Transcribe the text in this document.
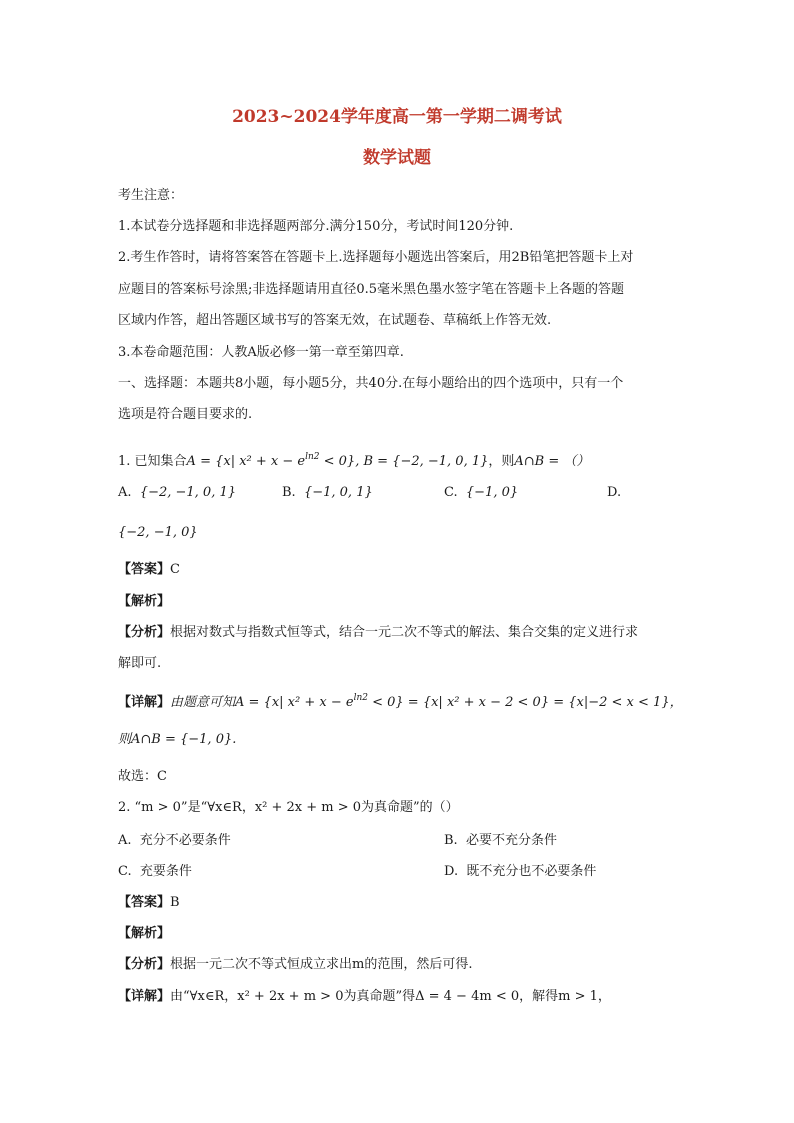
2023~2024学年度高一第一学期二调考试
数学试题
考生注意：
1.本试卷分选择题和非选择题两部分.满分150分，考试时间120分钟.
2.考生作答时，请将答案答在答题卡上.选择题每小题选出答案后，用2B铅笔把答题卡上对
应题目的答案标号涂黑;非选择题请用直径0.5毫米黑色墨水签字笔在答题卡上各题的答题
区域内作答，超出答题区域书写的答案无效，在试题卷、草稿纸上作答无效.
3.本卷命题范围：人教A版必修一第一章至第四章.
一、选择题：本题共8小题，每小题5分，共40分.在每小题给出的四个选项中，只有一个
选项是符合题目要求的.
1. 已知集合A = {x| $x^2 + x - e^{ln2} < 0$}, B = {−2, −1, 0, 1}，则A∩B = （）
A. {−2, −1, 0, 1}	B. {−1, 0, 1}	C. {−1, 0}	D.
{−2, −1, 0}
【答案】C
【解析】
【分析】根据对数式与指数式恒等式，结合一元二次不等式的解法、集合交集的定义进行求
解即可.
【详解】由题意可知A = {x| $x^2 + x - e^{ln2} < 0\} = \{x|$ x² + x − 2 < 0} = {x|−2 < x < 1}，
则A∩B = {−1, 0}.
故选：C
2. “m > 0”是“∀x∈R，x² + 2x + m > 0为真命题”的（）
A. 充分不必要条件	B. 必要不充分条件
C. 充要条件	D. 既不充分也不必要条件
【答案】B
【解析】
【分析】根据一元二次不等式恒成立求出m的范围，然后可得.
【详解】由“∀x∈R，x² + 2x + m > 0为真命题”得Δ = 4 − 4m < 0，解得m > 1，
